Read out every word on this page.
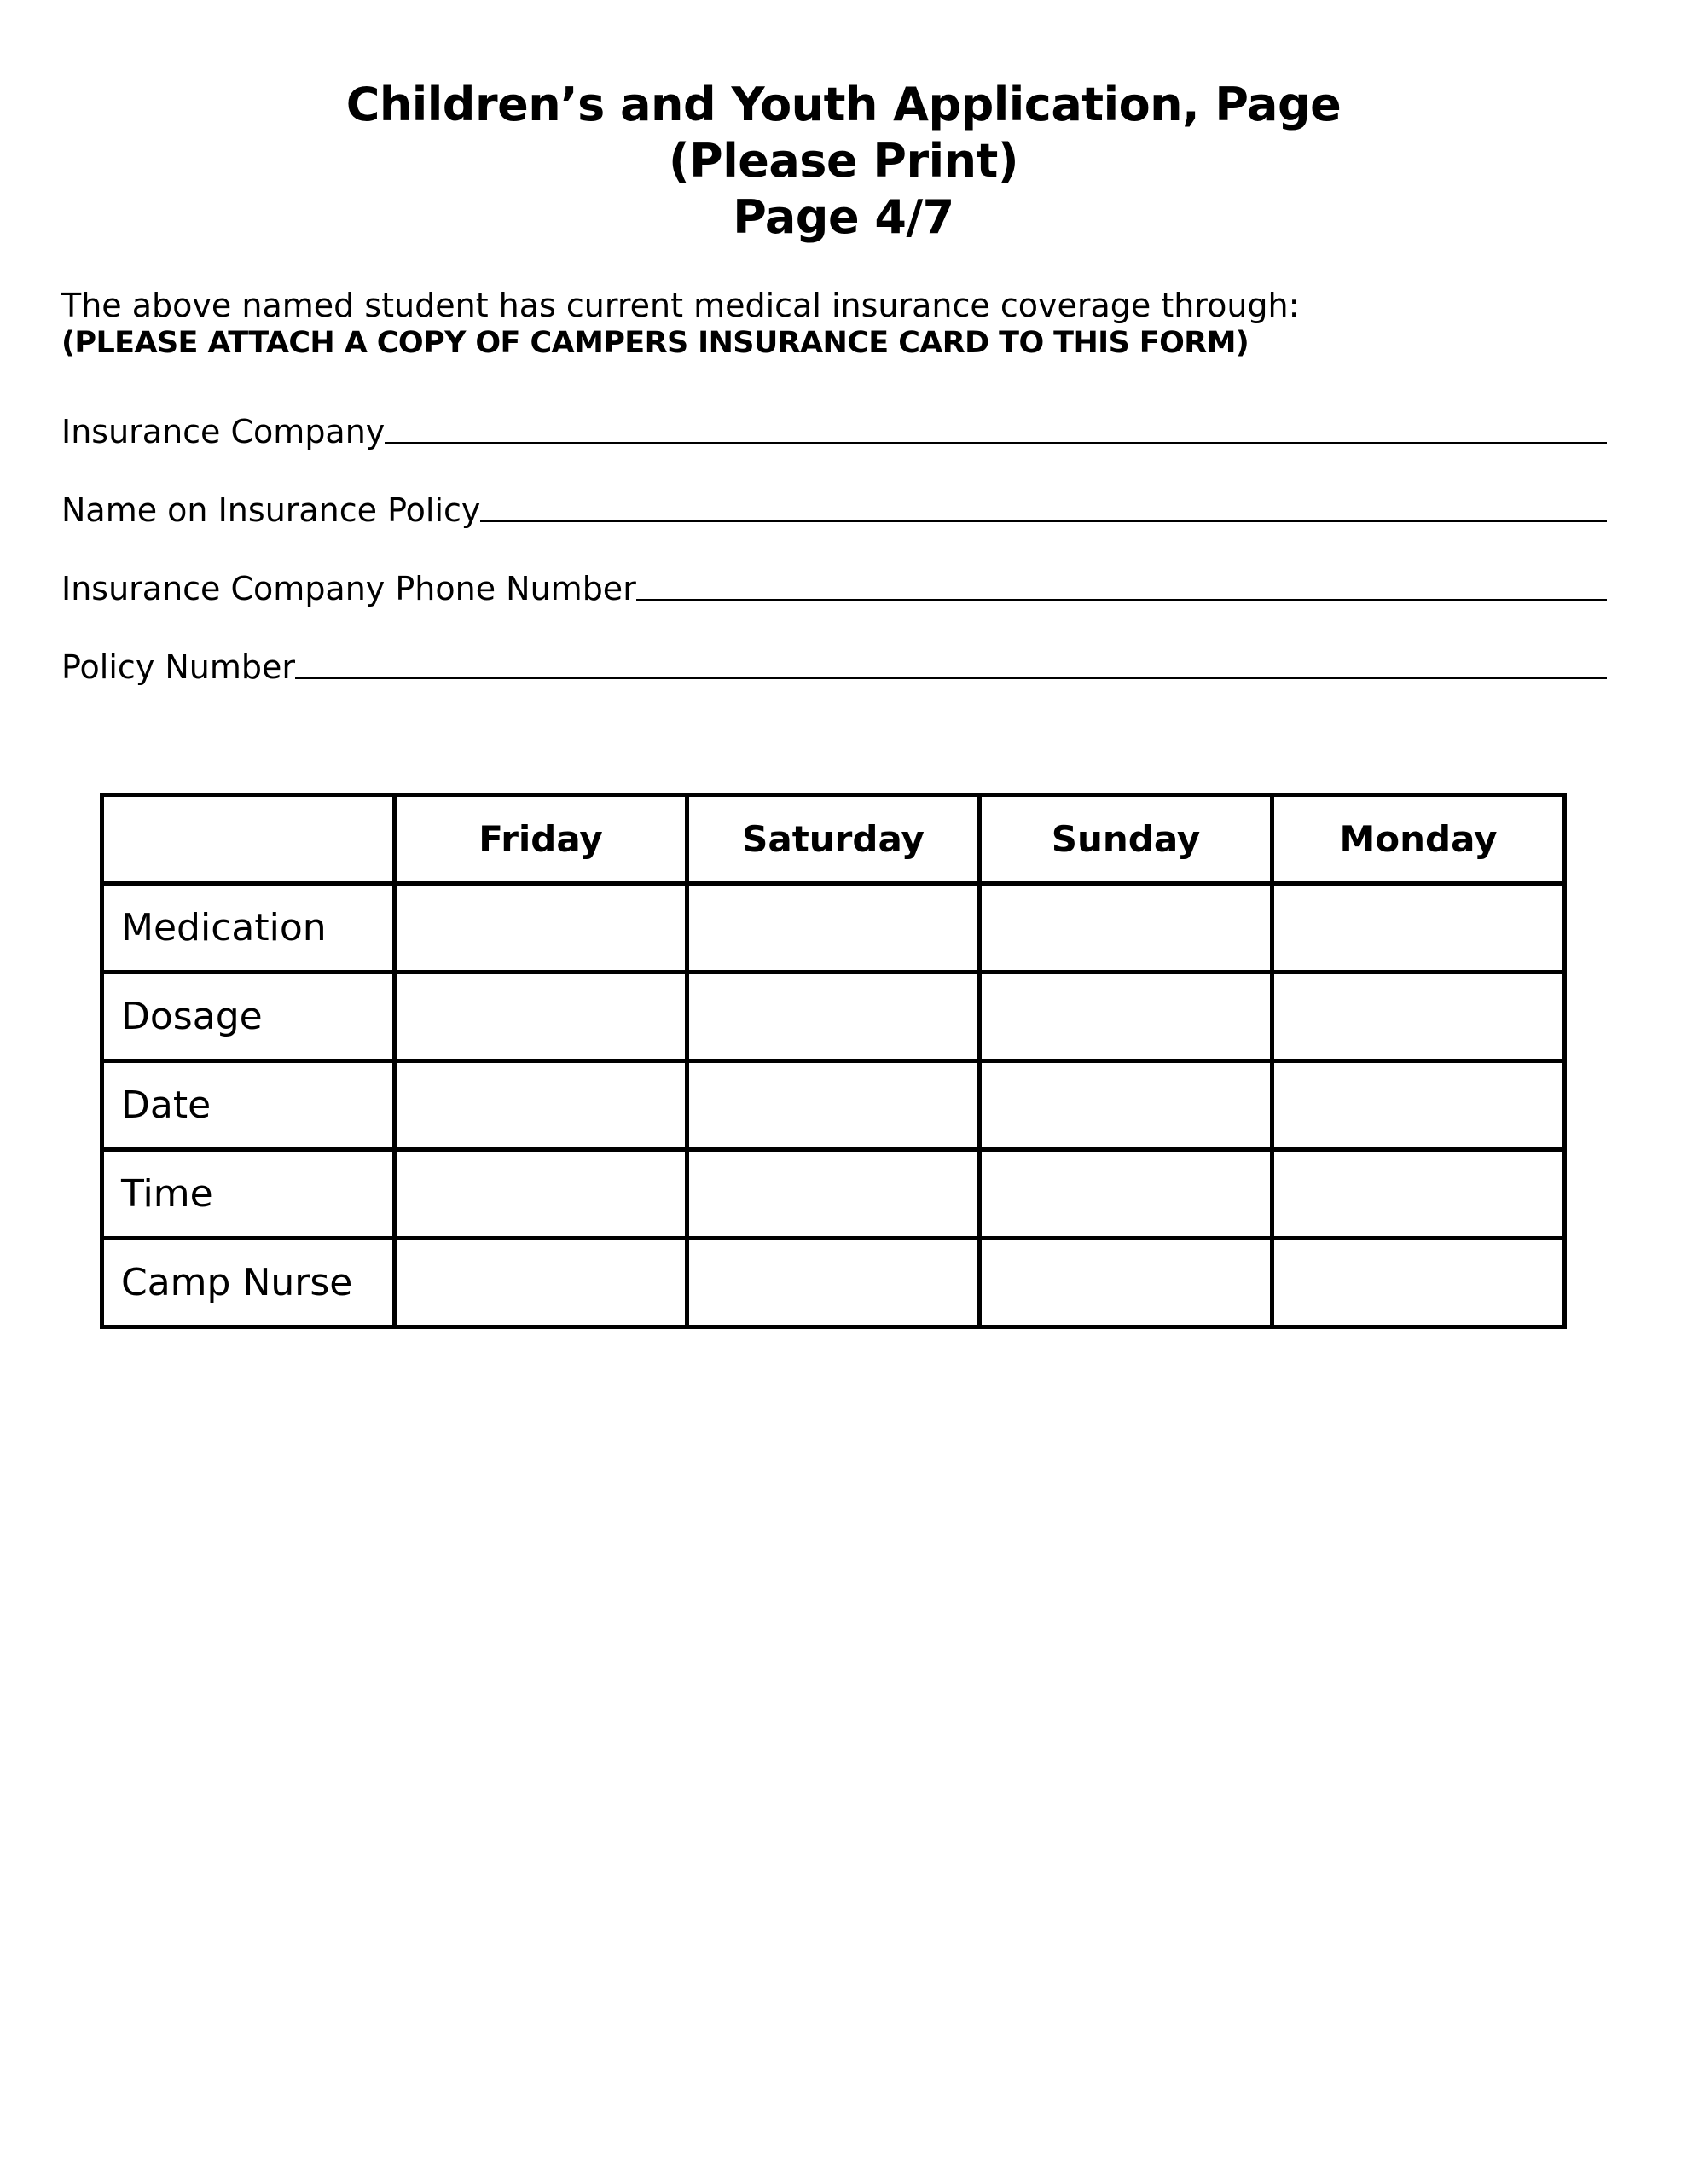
Children’s and Youth Application, Page
(Please Print)
Page 4/7
The above named student has current medical insurance coverage through:
(PLEASE ATTACH A COPY OF CAMPERS INSURANCE CARD TO THIS FORM)
Insurance Company
Name on Insurance Policy
Insurance Company Phone Number
Policy Number
	Friday	Saturday	Sunday	Monday
Medication				
Dosage				
Date				
Time				
Camp Nurse				
